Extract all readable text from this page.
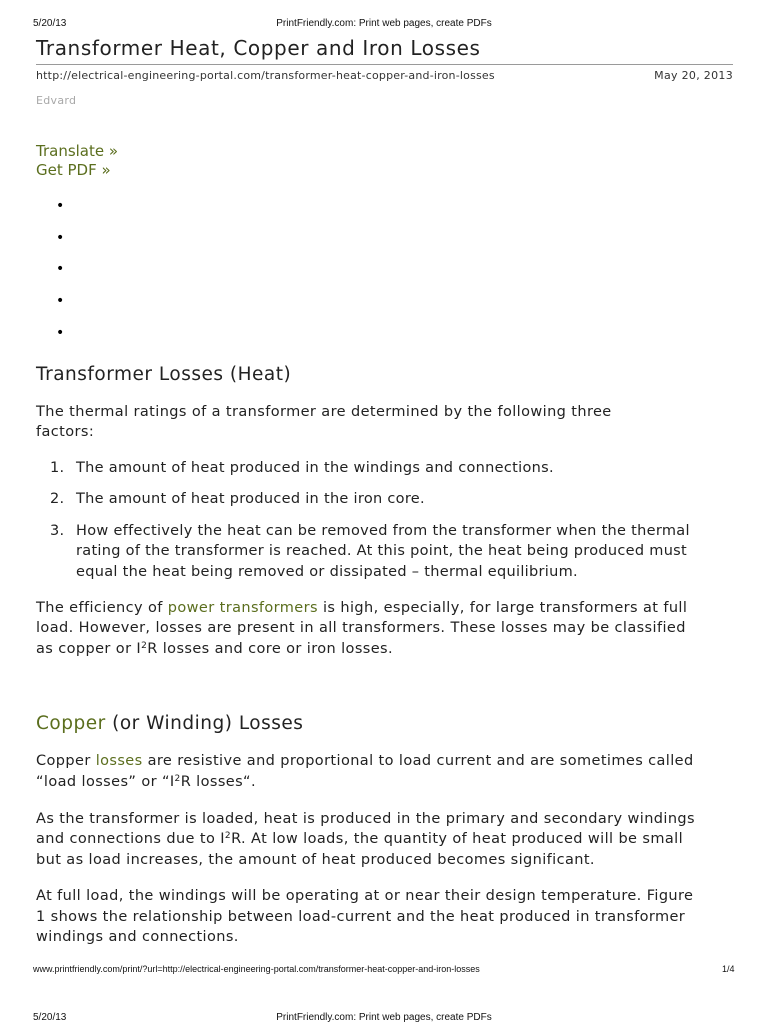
5/20/13	PrintFriendly.com: Print web pages, create PDFs
Transformer Heat, Copper and Iron Losses
http://electrical-engineering-portal.com/transformer-heat-copper-and-iron-losses	May 20, 2013
Edvard
Translate »
Get PDF »
•
•
•
•
•
Transformer Losses (Heat)
The thermal ratings of a transformer are determined by the following three
factors:
1. The amount of heat produced in the windings and connections.
2. The amount of heat produced in the iron core.
3. How effectively the heat can be removed from the transformer when the thermal
rating of the transformer is reached. At this point, the heat being produced must
equal the heat being removed or dissipated – thermal equilibrium.
The efficiency of power transformers is high, especially, for large transformers at full
load. However, losses are present in all transformers. These losses may be classified
as copper or $I^2R$ losses and core or iron losses.
Copper (or Winding) Losses
Copper losses are resistive and proportional to load current and are sometimes called
“load losses” or “$I^2R$ losses“.
As the transformer is loaded, heat is produced in the primary and secondary windings
and connections due to $I^2R$. At low loads, the quantity of heat produced will be small
but as load increases, the amount of heat produced becomes significant.
At full load, the windings will be operating at or near their design temperature. Figure
1 shows the relationship between load-current and the heat produced in transformer
windings and connections.
www.printfriendly.com/print/?url=http://electrical-engineering-portal.com/transformer-heat-copper-and-iron-losses	1/4
5/20/13	PrintFriendly.com: Print web pages, create PDFs
